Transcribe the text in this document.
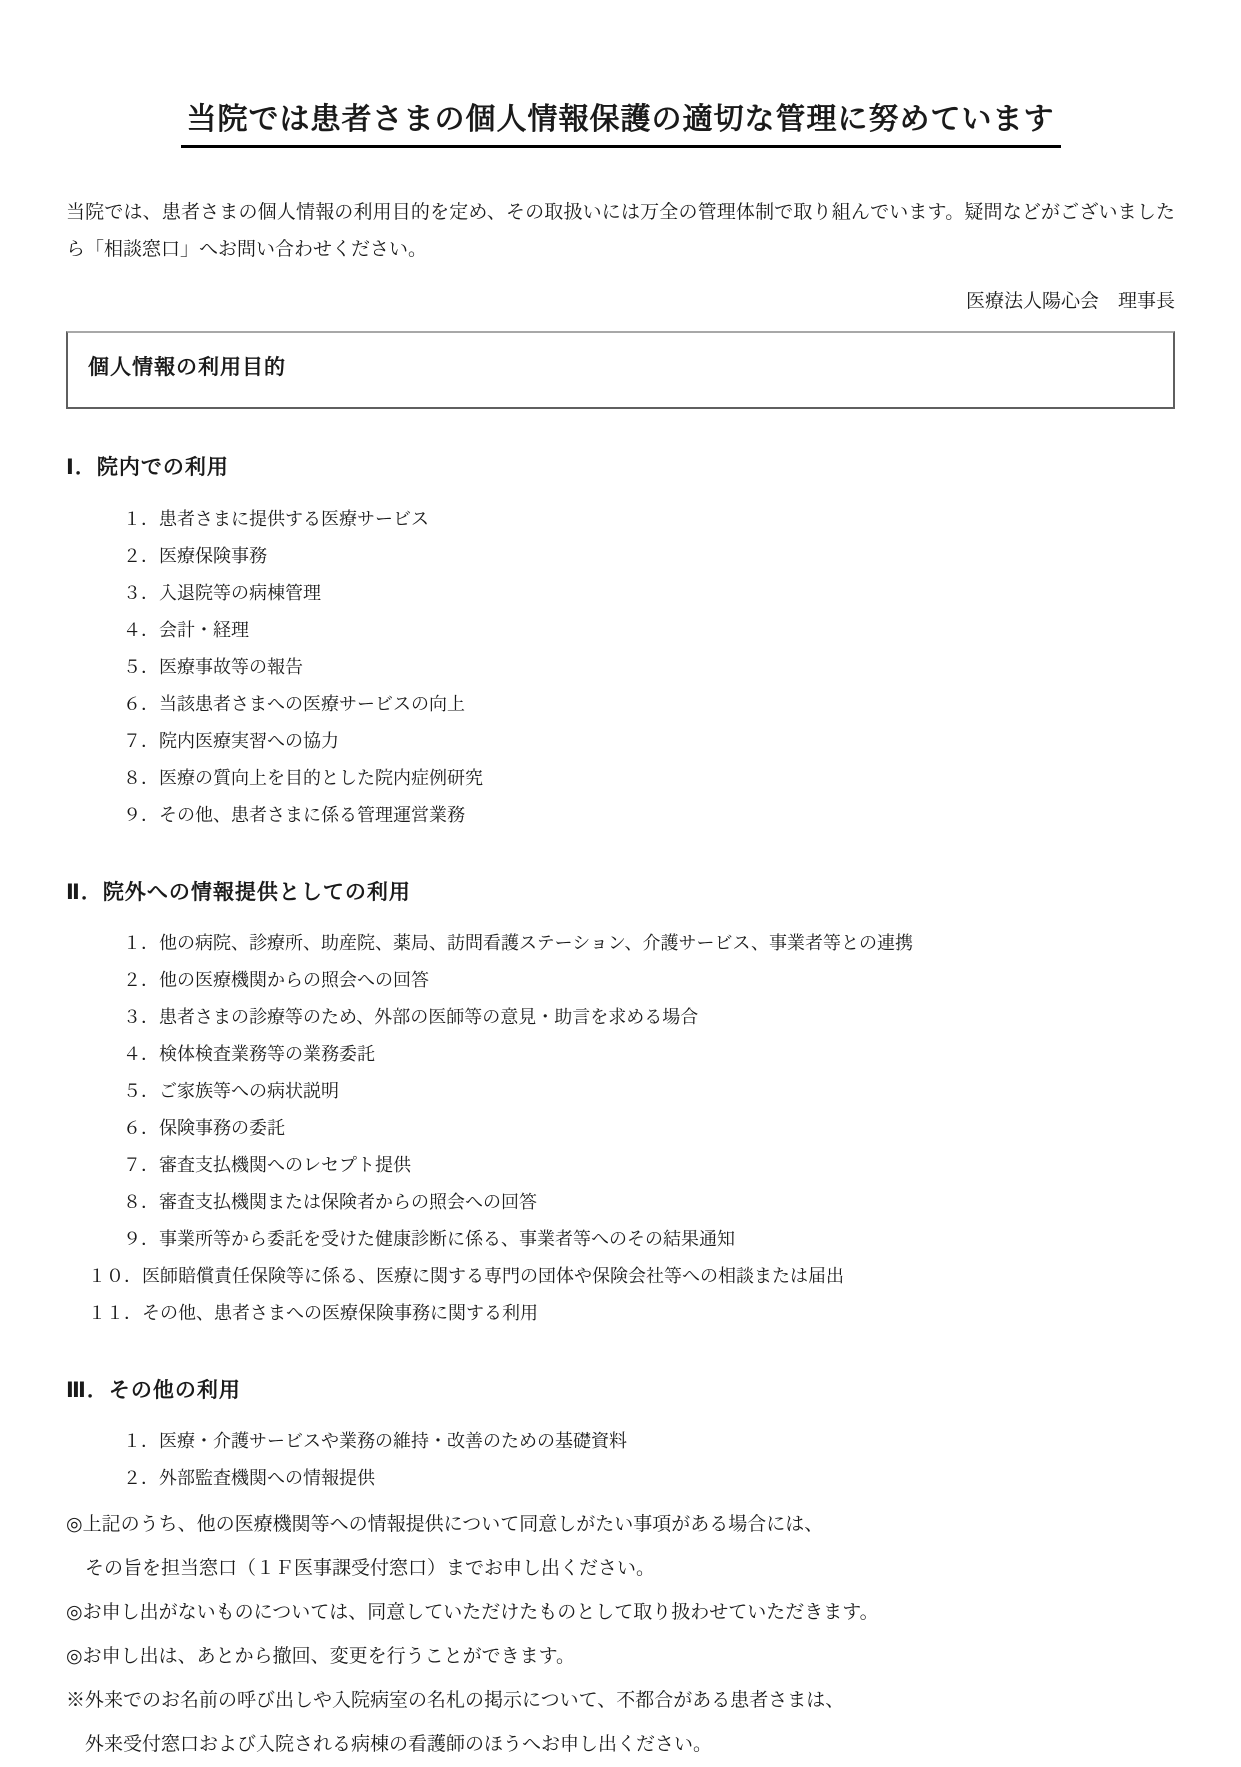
当院では患者さまの個人情報保護の適切な管理に努めています

当院では、患者さまの個人情報の利用目的を定め、その取扱いには万全の管理体制で取り組んでいます。疑問などがございましたら「相談窓口」へお問い合わせください。

医療法人陽心会　理事長
個人情報の利用目的
Ⅰ．院内での利用
１．患者さまに提供する医療サービス
２．医療保険事務
３．入退院等の病棟管理
４．会計・経理
５．医療事故等の報告
６．当該患者さまへの医療サービスの向上
７．院内医療実習への協力
８．医療の質向上を目的とした院内症例研究
９．その他、患者さまに係る管理運営業務
Ⅱ．院外への情報提供としての利用
１．他の病院、診療所、助産院、薬局、訪問看護ステーション、介護サービス、事業者等との連携
２．他の医療機関からの照会への回答
３．患者さまの診療等のため、外部の医師等の意見・助言を求める場合
４．検体検査業務等の業務委託
５．ご家族等への病状説明
６．保険事務の委託
７．審査支払機関へのレセプト提供
８．審査支払機関または保険者からの照会への回答
９．事業所等から委託を受けた健康診断に係る、事業者等へのその結果通知
１０．医師賠償責任保険等に係る、医療に関する専門の団体や保険会社等への相談または届出
１１．その他、患者さまへの医療保険事務に関する利用
Ⅲ．その他の利用
１．医療・介護サービスや業務の維持・改善のための基礎資料
２．外部監査機関への情報提供
◎上記のうち、他の医療機関等への情報提供について同意しがたい事項がある場合には、
　その旨を担当窓口（１Ｆ医事課受付窓口）までお申し出ください。
◎お申し出がないものについては、同意していただけたものとして取り扱わせていただきます。
◎お申し出は、あとから撤回、変更を行うことができます。
※外来でのお名前の呼び出しや入院病室の名札の掲示について、不都合がある患者さまは、
　外来受付窓口および入院される病棟の看護師のほうへお申し出ください。
